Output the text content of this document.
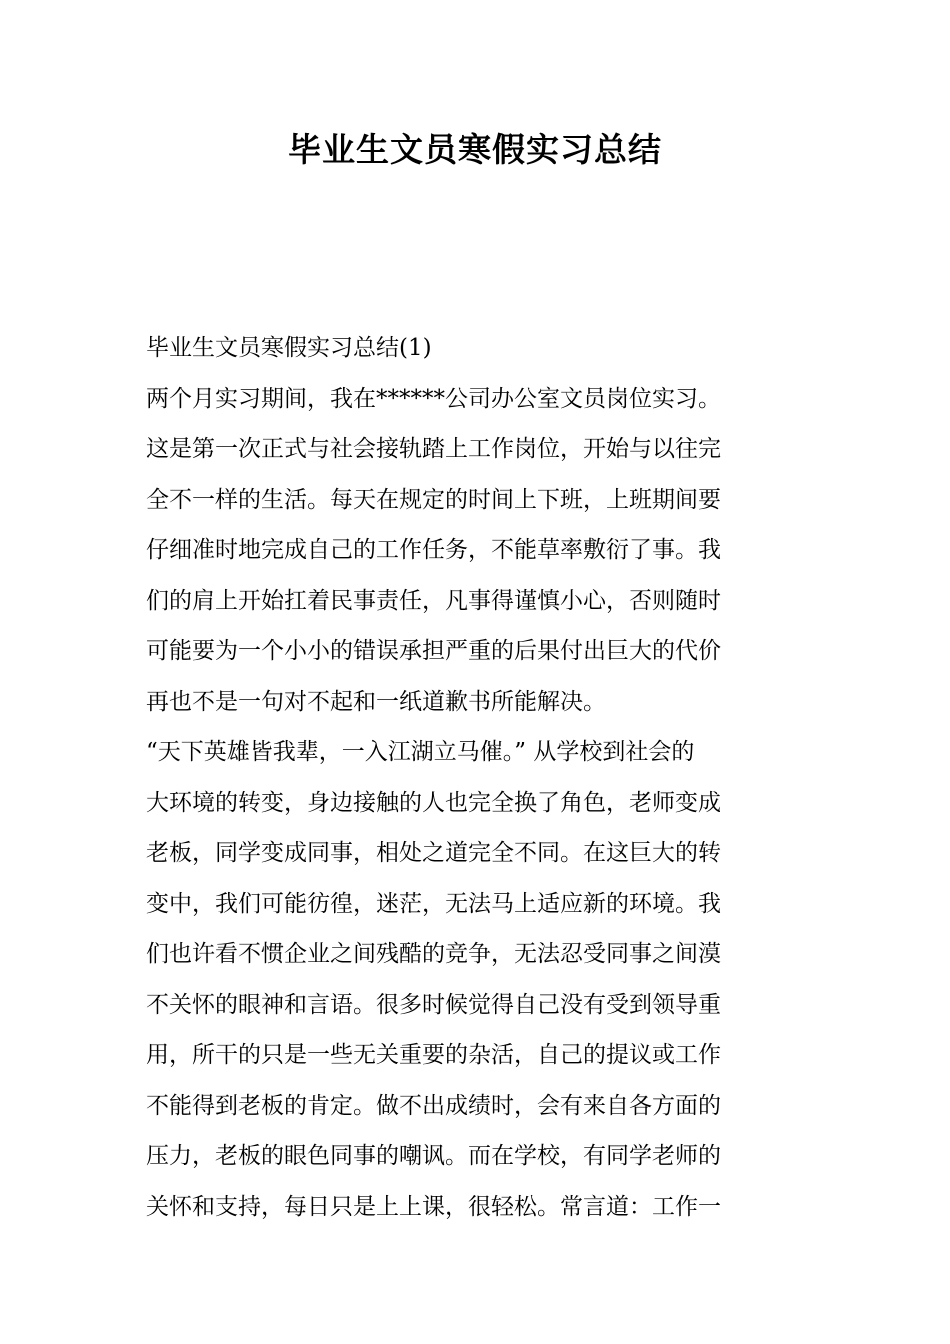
毕业生文员寒假实习总结
毕业生文员寒假实习总结(1)
两个月实习期间，我在******公司办公室文员岗位实习。
这是第一次正式与社会接轨踏上工作岗位，开始与以往完
全不一样的生活。每天在规定的时间上下班，上班期间要
仔细准时地完成自己的工作任务，不能草率敷衍了事。我
们的肩上开始扛着民事责任，凡事得谨慎小心，否则随时
可能要为一个小小的错误承担严重的后果付出巨大的代价
再也不是一句对不起和一纸道歉书所能解决。
“天下英雄皆我辈，一入江湖立马催。” 从学校到社会的
大环境的转变，身边接触的人也完全换了角色，老师变成
老板，同学变成同事，相处之道完全不同。在这巨大的转
变中，我们可能彷徨，迷茫，无法马上适应新的环境。我
们也许看不惯企业之间残酷的竞争，无法忍受同事之间漠
不关怀的眼神和言语。很多时候觉得自己没有受到领导重
用，所干的只是一些无关重要的杂活，自己的提议或工作
不能得到老板的肯定。做不出成绩时，会有来自各方面的
压力，老板的眼色同事的嘲讽。而在学校，有同学老师的
关怀和支持，每日只是上上课，很轻松。常言道：工作一
